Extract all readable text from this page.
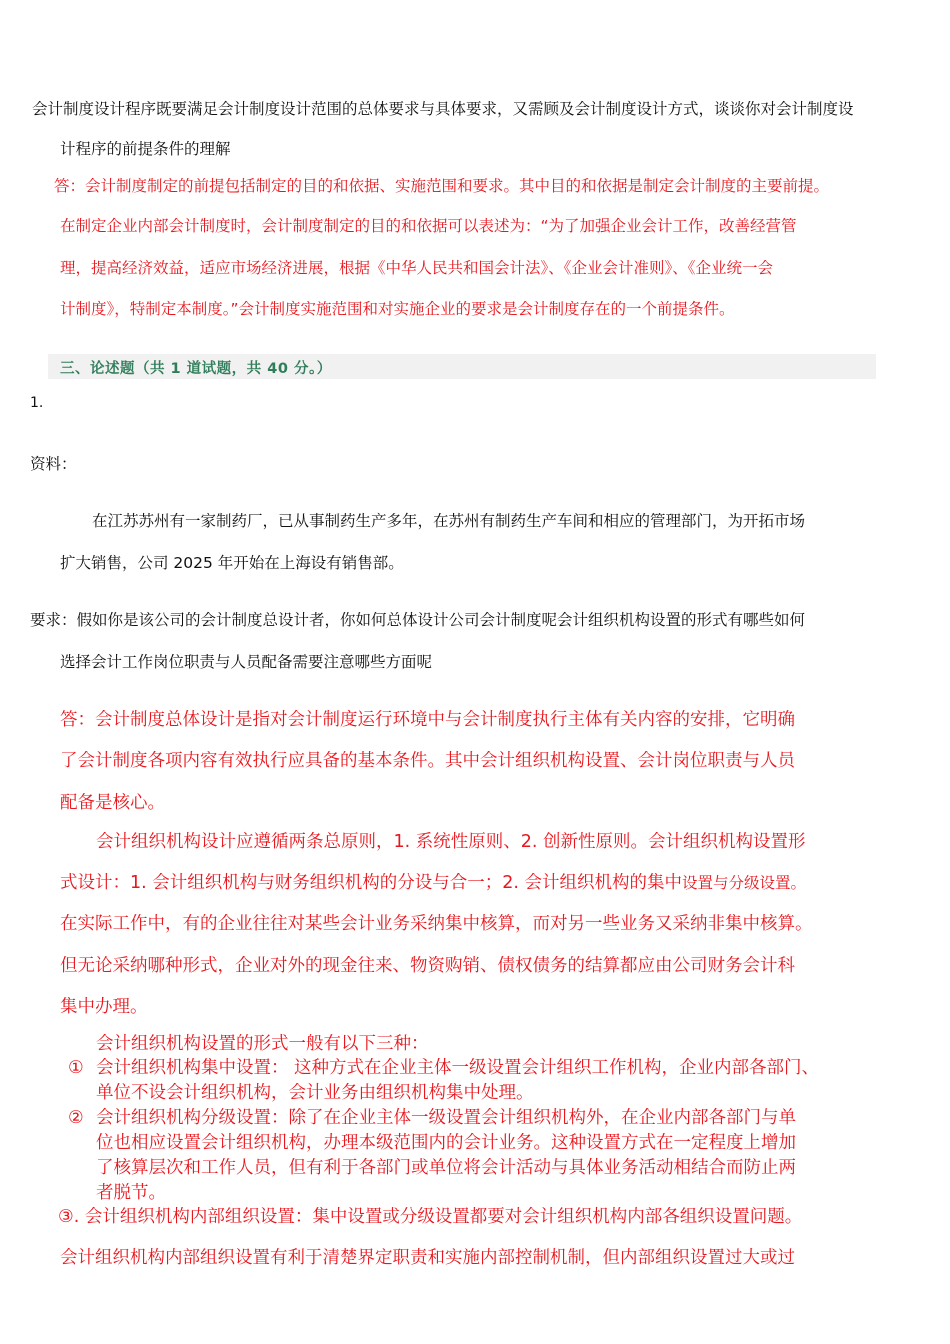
会计制度设计程序既要满足会计制度设计范围的总体要求与具体要求，又需顾及会计制度设计方式，谈谈你对会计制度设
计程序的前提条件的理解
答：会计制度制定的前提包括制定的目的和依据、实施范围和要求。其中目的和依据是制定会计制度的主要前提。
在制定企业内部会计制度时，会计制度制定的目的和依据可以表述为：“为了加强企业会计工作，改善经营管
理，提高经济效益，适应市场经济进展，根据《中华人民共和国会计法》、《企业会计准则》、《企业统一会
计制度》，特制定本制度。”会计制度实施范围和对实施企业的要求是会计制度存在的一个前提条件。
三、论述题（共 1 道试题，共 40 分。）
1.
资料：
在江苏苏州有一家制药厂，已从事制药生产多年，在苏州有制药生产车间和相应的管理部门，为开拓市场
扩大销售，公司 2025 年开始在上海设有销售部。
要求：假如你是该公司的会计制度总设计者，你如何总体设计公司会计制度呢会计组织机构设置的形式有哪些如何
选择会计工作岗位职责与人员配备需要注意哪些方面呢
答：会计制度总体设计是指对会计制度运行环境中与会计制度执行主体有关内容的安排，它明确
了会计制度各项内容有效执行应具备的基本条件。其中会计组织机构设置、会计岗位职责与人员
配备是核心。
会计组织机构设计应遵循两条总原则，1. 系统性原则、2. 创新性原则。会计组织机构设置形
式设计：1. 会计组织机构与财务组织机构的分设与合一；2. 会计组织机构的集中设置与分级设置。
在实际工作中，有的企业往往对某些会计业务采纳集中核算，而对另一些业务又采纳非集中核算。
但无论采纳哪种形式，企业对外的现金往来、物资购销、债权债务的结算都应由公司财务会计科
集中办理。
会计组织机构设置的形式一般有以下三种：
① 会计组织机构集中设置： 这种方式在企业主体一级设置会计组织工作机构，企业内部各部门、
单位不设会计组织机构，会计业务由组织机构集中处理。
② 会计组织机构分级设置：除了在企业主体一级设置会计组织机构外，在企业内部各部门与单
位也相应设置会计组织机构，办理本级范围内的会计业务。这种设置方式在一定程度上增加
了核算层次和工作人员，但有利于各部门或单位将会计活动与具体业务活动相结合而防止两
者脱节。
③. 会计组织机构内部组织设置：集中设置或分级设置都要对会计组织机构内部各组织设置问题。
会计组织机构内部组织设置有利于清楚界定职责和实施内部控制机制，但内部组织设置过大或过
